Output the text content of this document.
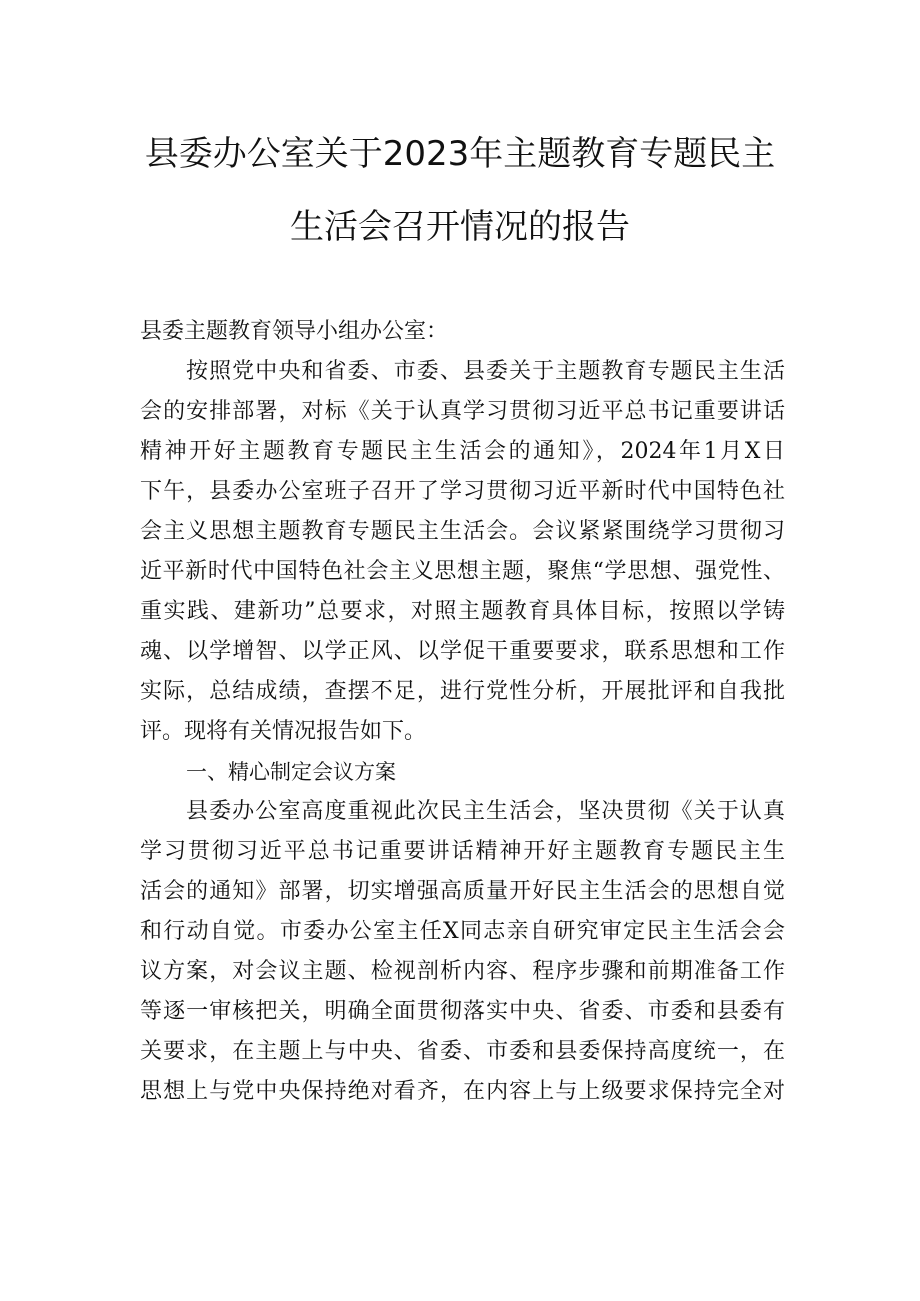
县委办公室关于2023年主题教育专题民主
生活会召开情况的报告

县委主题教育领导小组办公室：

按照党中央和省委、市委、县委关于主题教育专题民主生活
会的安排部署，对标《关于认真学习贯彻习近平总书记重要讲话
精神开好主题教育专题民主生活会的通知》，2024年1月X日
下午，县委办公室班子召开了学习贯彻习近平新时代中国特色社
会主义思想主题教育专题民主生活会。会议紧紧围绕学习贯彻习
近平新时代中国特色社会主义思想主题，聚焦“学思想、强党性、
重实践、建新功”总要求，对照主题教育具体目标，按照以学铸
魂、以学增智、以学正风、以学促干重要要求，联系思想和工作
实际，总结成绩，查摆不足，进行党性分析，开展批评和自我批
评。现将有关情况报告如下。

一、精心制定会议方案

县委办公室高度重视此次民主生活会，坚决贯彻《关于认真
学习贯彻习近平总书记重要讲话精神开好主题教育专题民主生
活会的通知》部署，切实增强高质量开好民主生活会的思想自觉
和行动自觉。市委办公室主任X同志亲自研究审定民主生活会会
议方案，对会议主题、检视剖析内容、程序步骤和前期准备工作
等逐一审核把关，明确全面贯彻落实中央、省委、市委和县委有
关要求，在主题上与中央、省委、市委和县委保持高度统一，在
思想上与党中央保持绝对看齐，在内容上与上级要求保持完全对
